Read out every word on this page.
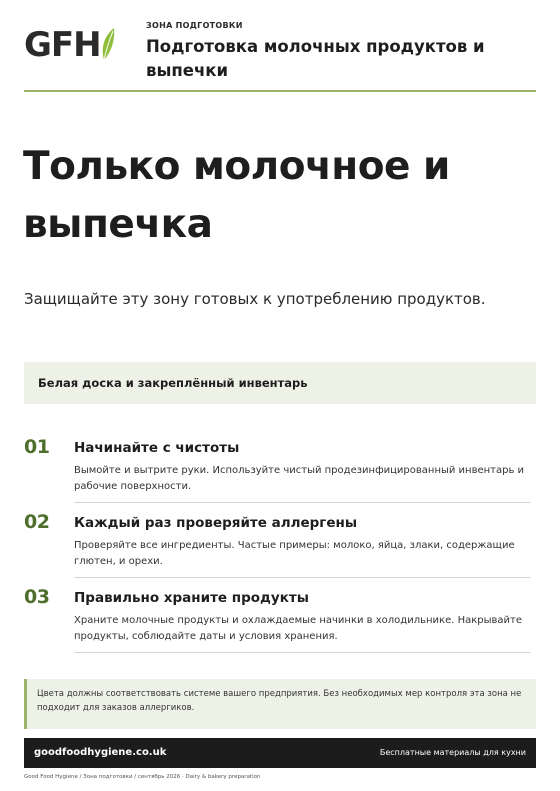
GFH	ЗОНА ПОДГОТОВКИ
Подготовка молочных продуктов и выпечки
Только молочное и выпечка

Защищайте эту зону готовых к употреблению продуктов.

Белая доска и закреплённый инвентарь
01 Начинайте с чистоты

Вымойте и вытрите руки. Используйте чистый продезинфицированный инвентарь и рабочие поверхности.

02 Каждый раз проверяйте аллергены

Проверяйте все ингредиенты. Частые примеры: молоко, яйца, злаки, содержащие глютен, и орехи.

03 Правильно храните продукты

Храните молочные продукты и охлаждаемые начинки в холодильнике. Накрывайте продукты, соблюдайте даты и условия хранения.

Цвета должны соответствовать системе вашего предприятия. Без необходимых мер контроля эта зона не подходит для заказов аллергиков.

goodfoodhygiene.co.uk	Бесплатные материалы для кухни
Good Food Hygiene / Зона подготовки / сентябрь 2026 · Dairy & bakery preparation
